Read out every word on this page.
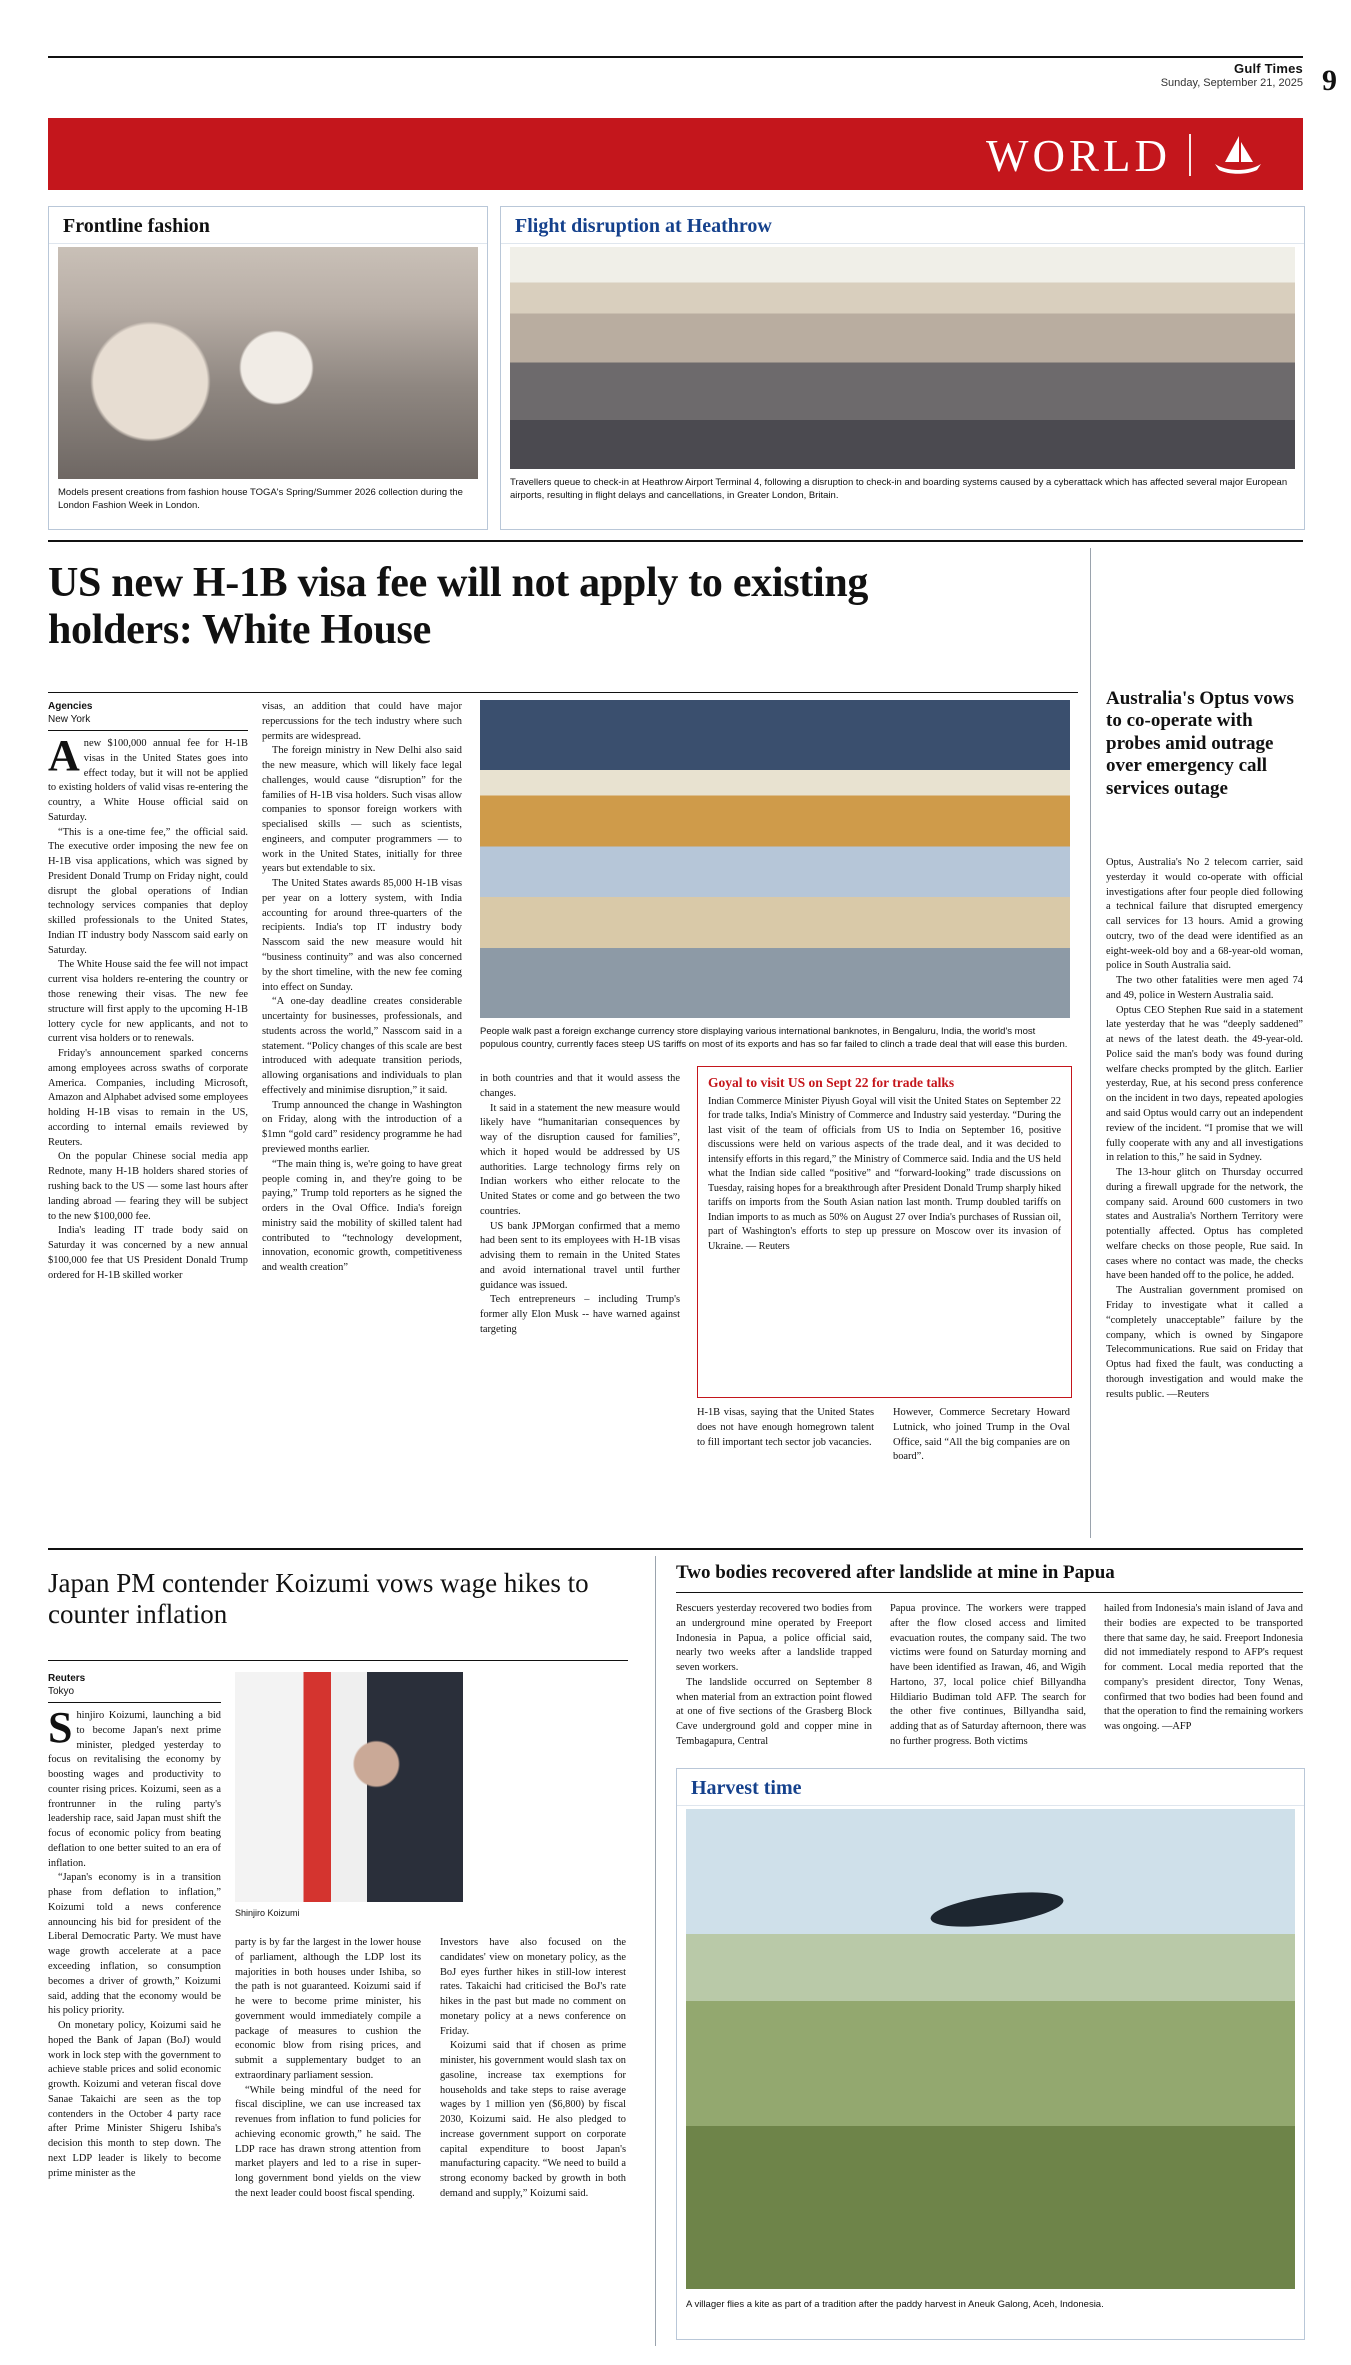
Gulf Times
Sunday, September 21, 2025 9
WORLD
Frontline fashion
Models present creations from fashion house TOGA's Spring/Summer 2026 collection during the London Fashion Week in London.
Flight disruption at Heathrow
Travellers queue to check-in at Heathrow Airport Terminal 4, following a disruption to check-in and boarding systems caused by a cyberattack which has affected several major European airports, resulting in flight delays and cancellations, in Greater London, Britain.
US new H-1B visa fee will not apply to existing holders: White House
Agencies
New York

Anew $100,000 annual fee for H-1B visas in the United States goes into effect today, but it will not be applied to existing holders of valid visas re-entering the country, a White House official said on Saturday.

“This is a one-time fee,” the official said. The executive order imposing the new fee on H-1B visa applications, which was signed by President Donald Trump on Friday night, could disrupt the global operations of Indian technology services companies that deploy skilled professionals to the United States, Indian IT industry body Nasscom said early on Saturday.

The White House said the fee will not impact current visa holders re-entering the country or those renewing their visas. The new fee structure will first apply to the upcoming H-1B lottery cycle for new applicants, and not to current visa holders or to renewals.

Friday's announcement sparked concerns among employees across swaths of corporate America. Companies, including Microsoft, Amazon and Alphabet advised some employees holding H-1B visas to remain in the US, according to internal emails reviewed by Reuters.

On the popular Chinese social media app Rednote, many H-1B holders shared stories of rushing back to the US — some last hours after landing abroad — fearing they will be subject to the new $100,000 fee.

India's leading IT trade body said on Saturday it was concerned by a new annual $100,000 fee that US President Donald Trump ordered for H-1B skilled worker

visas, an addition that could have major repercussions for the tech industry where such permits are widespread.

The foreign ministry in New Delhi also said the new measure, which will likely face legal challenges, would cause “disruption” for the families of H-1B visa holders. Such visas allow companies to sponsor foreign workers with specialised skills — such as scientists, engineers, and computer programmers — to work in the United States, initially for three years but extendable to six.

The United States awards 85,000 H-1B visas per year on a lottery system, with India accounting for around three-quarters of the recipients. India's top IT industry body Nasscom said the new measure would hit “business continuity” and was also concerned by the short timeline, with the new fee coming into effect on Sunday.

“A one-day deadline creates considerable uncertainty for businesses, professionals, and students across the world,” Nasscom said in a statement. “Policy changes of this scale are best introduced with adequate transition periods, allowing organisations and individuals to plan effectively and minimise disruption,” it said.

Trump announced the change in Washington on Friday, along with the introduction of a $1mn “gold card” residency programme he had previewed months earlier.

“The main thing is, we're going to have great people coming in, and they're going to be paying,” Trump told reporters as he signed the orders in the Oval Office. India's foreign ministry said the mobility of skilled talent had contributed to “technology development, innovation, economic growth, competitiveness and wealth creation”

People walk past a foreign exchange currency store displaying various international banknotes, in Bengaluru, India, the world's most populous country, currently faces steep US tariffs on most of its exports and has so far failed to clinch a trade deal that will ease this burden.

in both countries and that it would assess the changes.

It said in a statement the new measure would likely have “humanitarian consequences by way of the disruption caused for families”, which it hoped would be addressed by US authorities. Large technology firms rely on Indian workers who either relocate to the United States or come and go between the two countries.

US bank JPMorgan confirmed that a memo had been sent to its employees with H-1B visas advising them to remain in the United States and avoid international travel until further guidance was issued.

Tech entrepreneurs – including Trump's former ally Elon Musk -- have warned against targeting

Goyal to visit US on Sept 22 for trade talks
Indian Commerce Minister Piyush Goyal will visit the United States on September 22 for trade talks, India's Ministry of Commerce and Industry said yesterday. “During the last visit of the team of officials from US to India on September 16, positive discussions were held on various aspects of the trade deal, and it was decided to intensify efforts in this regard,” the Ministry of Commerce said. India and the US held what the Indian side called “positive” and “forward-looking” trade discussions on Tuesday, raising hopes for a breakthrough after President Donald Trump sharply hiked tariffs on imports from the South Asian nation last month. Trump doubled tariffs on Indian imports to as much as 50% on August 27 over India's purchases of Russian oil, part of Washington's efforts to step up pressure on Moscow over its invasion of Ukraine. — Reuters

H-1B visas, saying that the United States does not have enough homegrown talent to fill important tech sector job vacancies.

However, Commerce Secretary Howard Lutnick, who joined Trump in the Oval Office, said “All the big companies are on board”.

Australia's Optus vows to co-operate with probes amid outrage over emergency call services outage

Optus, Australia's No 2 telecom carrier, said yesterday it would co-operate with official investigations after four people died following a technical failure that disrupted emergency call services for 13 hours. Amid a growing outcry, two of the dead were identified as an eight-week-old boy and a 68-year-old woman, police in South Australia said.

The two other fatalities were men aged 74 and 49, police in Western Australia said.

Optus CEO Stephen Rue said in a statement late yesterday that he was “deeply saddened” at news of the latest death. the 49-year-old. Police said the man's body was found during welfare checks prompted by the glitch. Earlier yesterday, Rue, at his second press conference on the incident in two days, repeated apologies and said Optus would carry out an independent review of the incident. “I promise that we will fully cooperate with any and all investigations in relation to this,” he said in Sydney.

The 13-hour glitch on Thursday occurred during a firewall upgrade for the network, the company said. Around 600 customers in two states and Australia's Northern Territory were potentially affected. Optus has completed welfare checks on those people, Rue said. In cases where no contact was made, the checks have been handed off to the police, he added.

The Australian government promised on Friday to investigate what it called a “completely unacceptable” failure by the company, which is owned by Singapore Telecommunications. Rue said on Friday that Optus had fixed the fault, was conducting a thorough investigation and would make the results public. —Reuters

Japan PM contender Koizumi vows wage hikes to counter inflation
Reuters
Tokyo

Shinjiro Koizumi, launching a bid to become Japan's next prime minister, pledged yesterday to focus on revitalising the economy by boosting wages and productivity to counter rising prices. Koizumi, seen as a frontrunner in the ruling party's leadership race, said Japan must shift the focus of economic policy from beating deflation to one better suited to an era of inflation.

“Japan's economy is in a transition phase from deflation to inflation,” Koizumi told a news conference announcing his bid for president of the Liberal Democratic Party. We must have wage growth accelerate at a pace exceeding inflation, so consumption becomes a driver of growth,” Koizumi said, adding that the economy would be his policy priority.

On monetary policy, Koizumi said he hoped the Bank of Japan (BoJ) would work in lock step with the government to achieve stable prices and solid economic growth. Koizumi and veteran fiscal dove Sanae Takaichi are seen as the top contenders in the October 4 party race after Prime Minister Shigeru Ishiba's decision this month to step down. The next LDP leader is likely to become prime minister as the

Shinjiro Koizumi

party is by far the largest in the lower house of parliament, although the LDP lost its majorities in both houses under Ishiba, so the path is not guaranteed. Koizumi said if he were to become prime minister, his government would immediately compile a package of measures to cushion the economic blow from rising prices, and submit a supplementary budget to an extraordinary parliament session.

“While being mindful of the need for fiscal discipline, we can use increased tax revenues from inflation to fund policies for achieving economic growth,” he said. The LDP race has drawn strong attention from market players and led to a rise in super-long government bond yields on the view the next leader could boost fiscal spending.

Investors have also focused on the candidates' view on monetary policy, as the BoJ eyes further hikes in still-low interest rates. Takaichi had criticised the BoJ's rate hikes in the past but made no comment on monetary policy at a news conference on Friday.

Koizumi said that if chosen as prime minister, his government would slash tax on gasoline, increase tax exemptions for households and take steps to raise average wages by 1 million yen ($6,800) by fiscal 2030, Koizumi said. He also pledged to increase government support on corporate capital expenditure to boost Japan's manufacturing capacity. “We need to build a strong economy backed by growth in both demand and supply,” Koizumi said.

Two bodies recovered after landslide at mine in Papua

Rescuers yesterday recovered two bodies from an underground mine operated by Freeport Indonesia in Papua, a police official said, nearly two weeks after a landslide trapped seven workers.

The landslide occurred on September 8 when material from an extraction point flowed at one of five sections of the Grasberg Block Cave underground gold and copper mine in Tembagapura, Central

Papua province. The workers were trapped after the flow closed access and limited evacuation routes, the company said. The two victims were found on Saturday morning and have been identified as Irawan, 46, and Wigih Hartono, 37, local police chief Billyandha Hildiario Budiman told AFP. The search for the other five continues, Billyandha said, adding that as of Saturday afternoon, there was no further progress. Both victims

hailed from Indonesia's main island of Java and their bodies are expected to be transported there that same day, he said. Freeport Indonesia did not immediately respond to AFP's request for comment. Local media reported that the company's president director, Tony Wenas, confirmed that two bodies had been found and that the operation to find the remaining workers was ongoing. —AFP

Harvest time
A villager flies a kite as part of a tradition after the paddy harvest in Aneuk Galong, Aceh, Indonesia.
